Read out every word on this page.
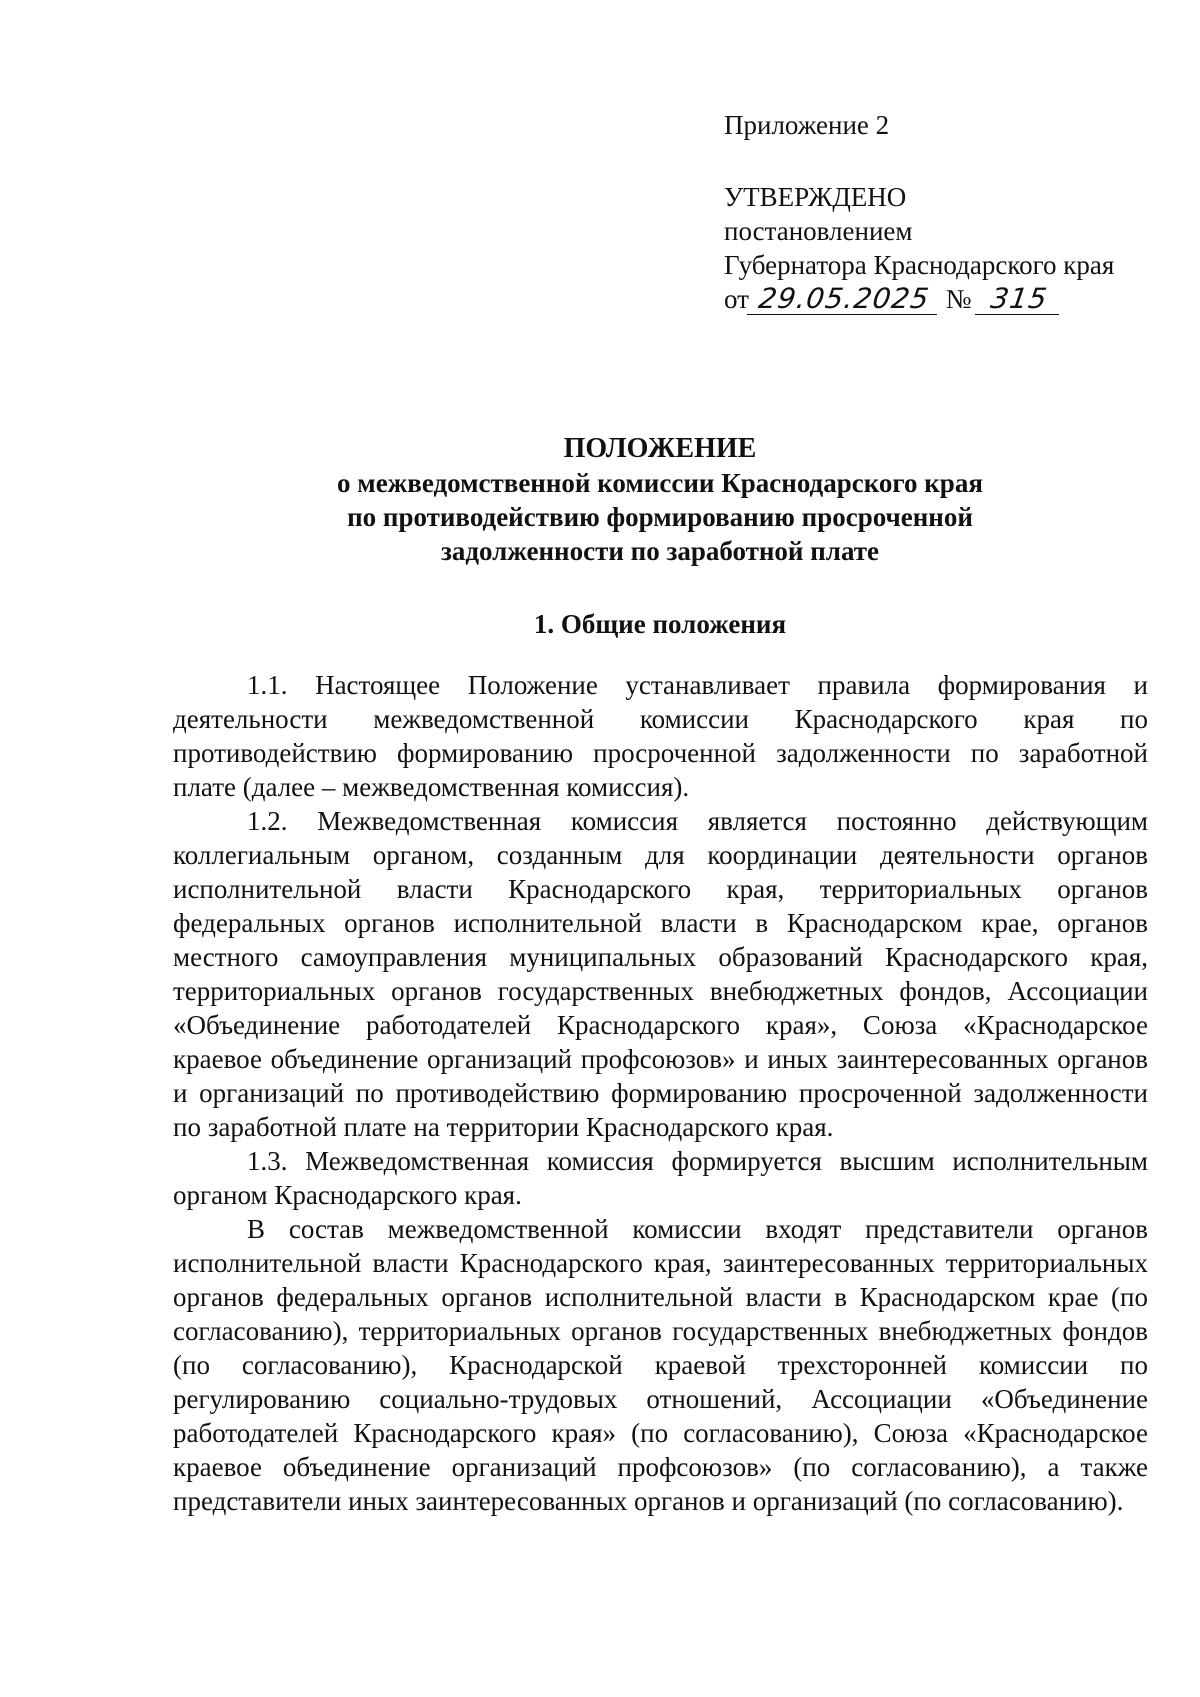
Приложение 2
УТВЕРЖДЕНО
постановлением
Губернатора Краснодарского края
от 29.05.2025 № 315
ПОЛОЖЕНИЕ
о межведомственной комиссии Краснодарского края
по противодействию формированию просроченной
задолженности по заработной плате
1. Общие положения

1.1. Настоящее Положение устанавливает правила формирования и деятельности межведомственной комиссии Краснодарского края по противодействию формированию просроченной задолженности по заработной плате (далее – межведомственная комиссия).

1.2. Межведомственная комиссия является постоянно действующим коллегиальным органом, созданным для координации деятельности органов исполнительной власти Краснодарского края, территориальных органов федеральных органов исполнительной власти в Краснодарском крае, органов местного самоуправления муниципальных образований Краснодарского края, территориальных органов государственных внебюджетных фондов, Ассоциации «Объединение работодателей Краснодарского края», Союза «Краснодарское краевое объединение организаций профсоюзов» и иных заинтересованных органов и организаций по противодействию формированию просроченной задолженности по заработной плате на территории Краснодарского края.

1.3. Межведомственная комиссия формируется высшим исполнительным органом Краснодарского края.

В состав межведомственной комиссии входят представители органов исполнительной власти Краснодарского края, заинтересованных территориальных органов федеральных органов исполнительной власти в Краснодарском крае (по согласованию), территориальных органов государственных внебюджетных фондов (по согласованию), Краснодарской краевой трехсторонней комиссии по регулированию социально-трудовых отношений, Ассоциации «Объединение работодателей Краснодарского края» (по согласованию), Союза «Краснодарское краевое объединение организаций профсоюзов» (по согласованию), а также представители иных заинтересованных органов и организаций (по согласованию).
